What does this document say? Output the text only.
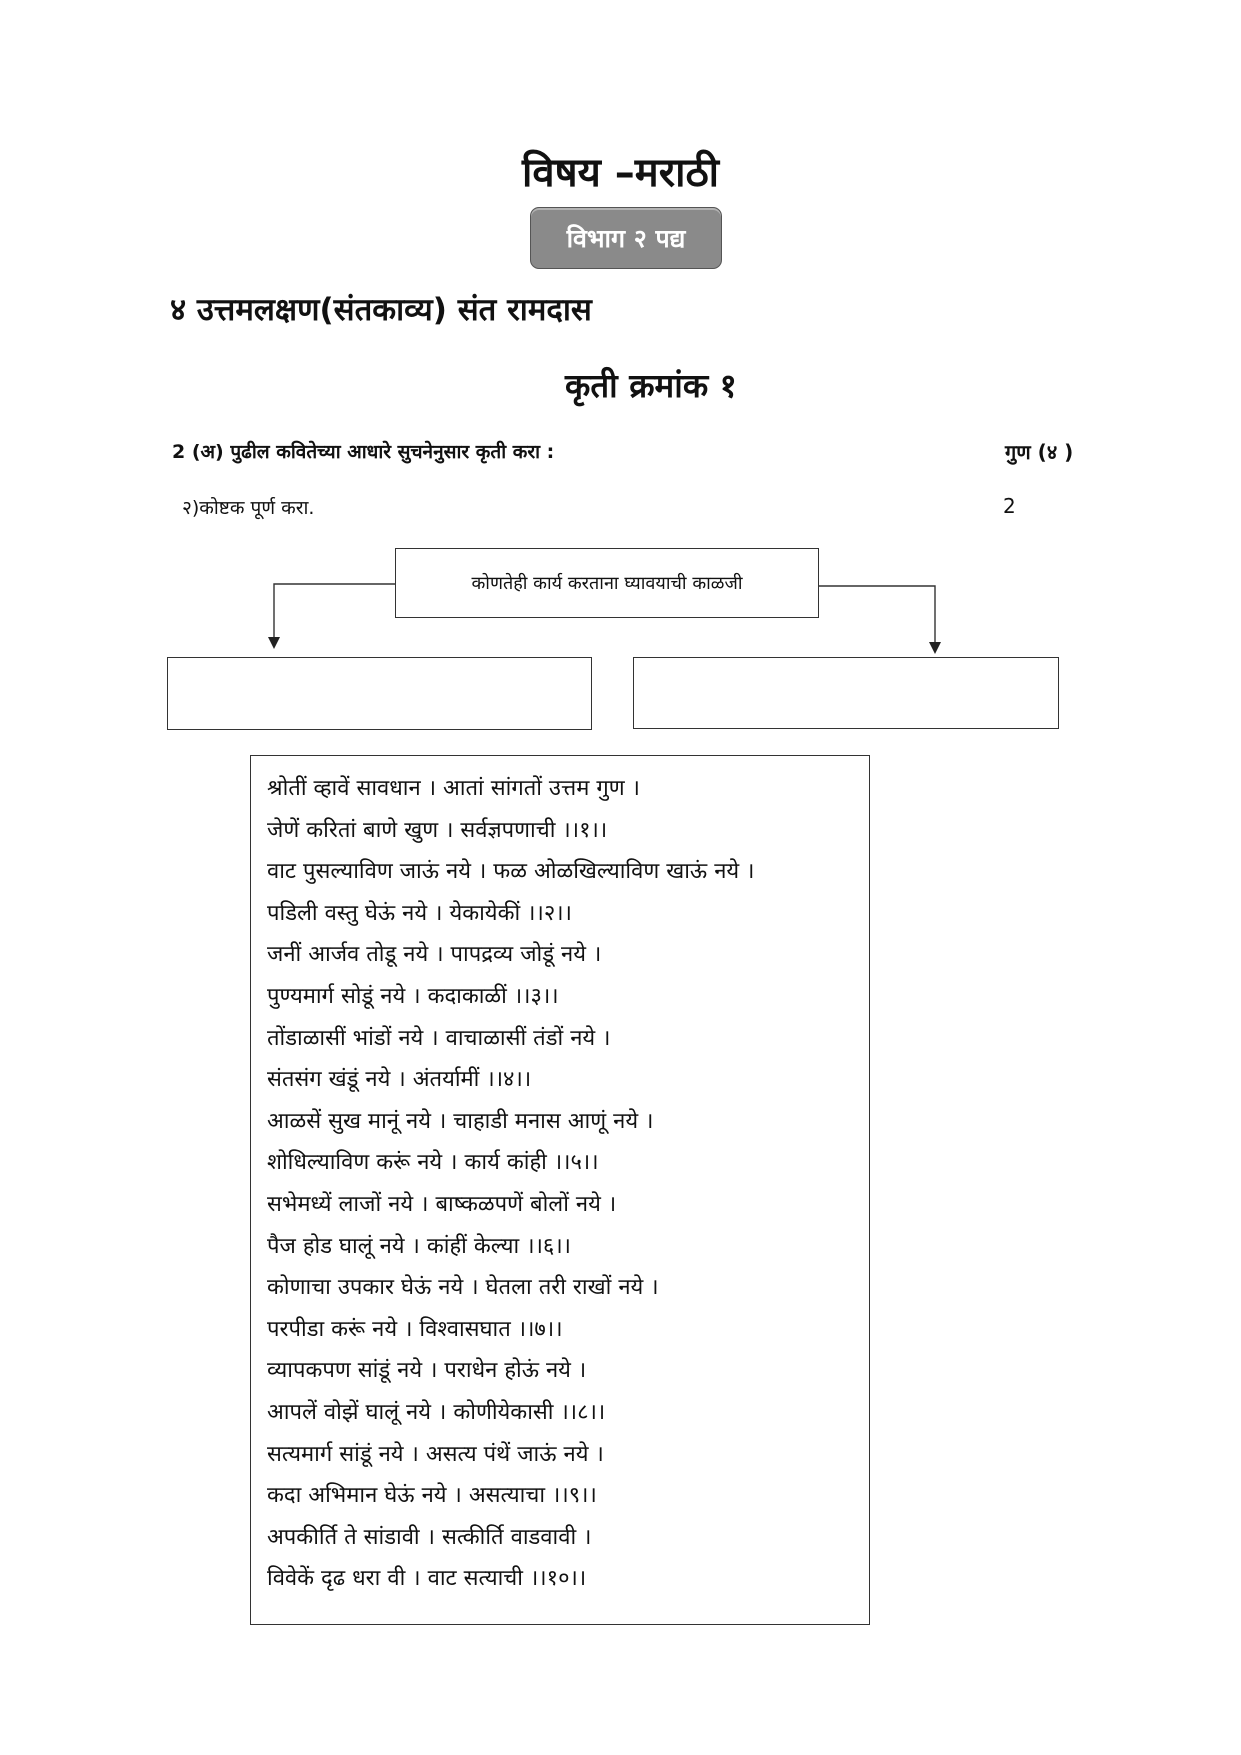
विषय –मराठी
विभाग २ पद्य
४ उत्तमलक्षण(संतकाव्य) संत रामदास
कृती क्रमांक १
2 (अ) पुढील कवितेच्या आधारे सुचनेनुसार कृती करा :	गुण (४ )
२)कोष्टक पूर्ण करा.	2
कोणतेही कार्य करताना घ्यावयाची काळजी
श्रोतीं व्हावें सावधान । आतां सांगतों उत्तम गुण ।
जेणें करितां बाणे खुण । सर्वज्ञपणाची ।।१।।
वाट पुसल्याविण जाऊं नये । फळ ओळखिल्याविण खाऊं नये ।
पडिली वस्तु घेऊं नये । येकायेकीं ।।२।।
जनीं आर्जव तोडू नये । पापद्रव्य जोडूं नये ।
पुण्यमार्ग सोडूं नये । कदाकाळीं ।।३।।
तोंडाळासीं भांडों नये । वाचाळासीं तंडों नये ।
संतसंग खंडूं नये । अंतर्यामीं ।।४।।
आळसें सुख मानूं नये । चाहाडी मनास आणूं नये ।
शोधिल्याविण करूं नये । कार्य कांही ।।५।।
सभेमध्यें लाजों नये । बाष्कळपणें बोलों नये ।
पैज होड घालूं नये । कांहीं केल्या ।।६।।
कोणाचा उपकार घेऊं नये । घेतला तरी राखों नये ।
परपीडा करूं नये । विश्वासघात ।।७।।
व्यापकपण सांडूं नये । पराधेन होऊं नये ।
आपलें वोझें घालूं नये । कोणीयेकासी ।।८।।
सत्यमार्ग सांडूं नये । असत्य पंथें जाऊं नये ।
कदा अभिमान घेऊं नये । असत्याचा ।।९।।
अपकीर्ति ते सांडावी । सत्कीर्ति वाडवावी ।
विवेकें दृढ धरा वी । वाट सत्याची ।।१०।।
